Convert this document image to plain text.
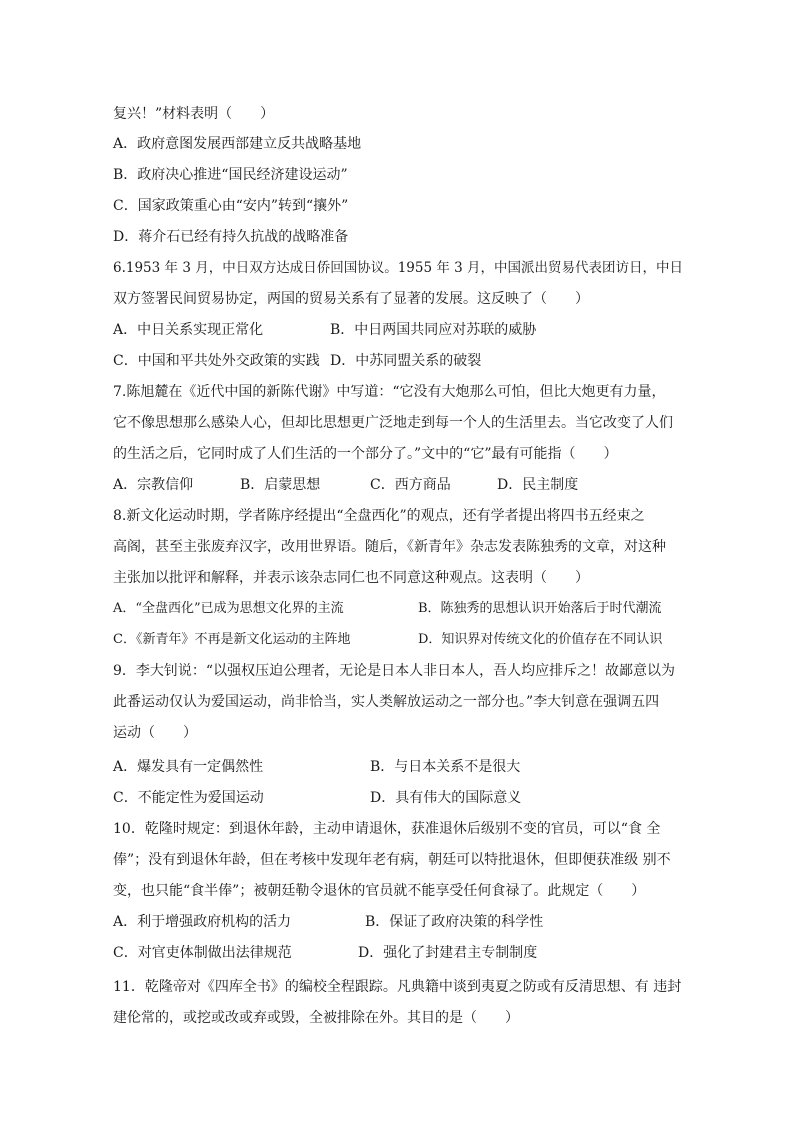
复兴！”材料表明（　　）
A．政府意图发展西部建立反共战略基地
B．政府决心推进“国民经济建设运动”
C．国家政策重心由“安内”转到“攘外”
D．蒋介石已经有持久抗战的战略准备
6.1953 年 3 月，中日双方达成日侨回国协议。1955 年 3 月，中国派出贸易代表团访日，中日
双方签署民间贸易协定，两国的贸易关系有了显著的发展。这反映了（　　）
A．中日关系实现正常化	B．中日两国共同应对苏联的威胁
C．中国和平共处外交政策的实践 D．中苏同盟关系的破裂
7.陈旭麓在《近代中国的新陈代谢》中写道：“它没有大炮那么可怕，但比大炮更有力量，
它不像思想那么感染人心，但却比思想更广泛地走到每一个人的生活里去。当它改变了人们
的生活之后，它同时成了人们生活的一个部分了。”文中的“它”最有可能指（　　）
A．宗教信仰	B．启蒙思想	C．西方商品	D．民主制度
8.新文化运动时期，学者陈序经提出“全盘西化”的观点，还有学者提出将四书五经束之
高阁，甚至主张废弃汉字，改用世界语。随后，《新青年》杂志发表陈独秀的文章，对这种
主张加以批评和解释，并表示该杂志同仁也不同意这种观点。这表明（　　）
A．“全盘西化”已成为思想文化界的主流	B．陈独秀的思想认识开始落后于时代潮流
C．《新青年》不再是新文化运动的主阵地	D．知识界对传统文化的价值存在不同认识
9．李大钊说：“以强权压迫公理者，无论是日本人非日本人，吾人均应排斥之！故鄙意以为
此番运动仅认为爱国运动，尚非恰当，实人类解放运动之一部分也。”李大钊意在强调五四
运动（　　）
A．爆发具有一定偶然性	B．与日本关系不是很大
C．不能定性为爱国运动	D．具有伟大的国际意义
10．乾隆时规定：到退休年龄，主动申请退休，获准退休后级别不变的官员，可以“食 全
俸”；没有到退休年龄，但在考核中发现年老有病，朝廷可以特批退休，但即便获准级 别不
变，也只能“食半俸”；被朝廷勒令退休的官员就不能享受任何食禄了。此规定（　　）
A．利于增强政府机构的活力	B．保证了政府决策的科学性
C．对官吏体制做出法律规范	D．强化了封建君主专制制度
11．乾隆帝对《四库全书》的编校全程跟踪。凡典籍中谈到夷夏之防或有反清思想、有 违封
建伦常的，或挖或改或弃或毁，全被排除在外。其目的是（　　）
